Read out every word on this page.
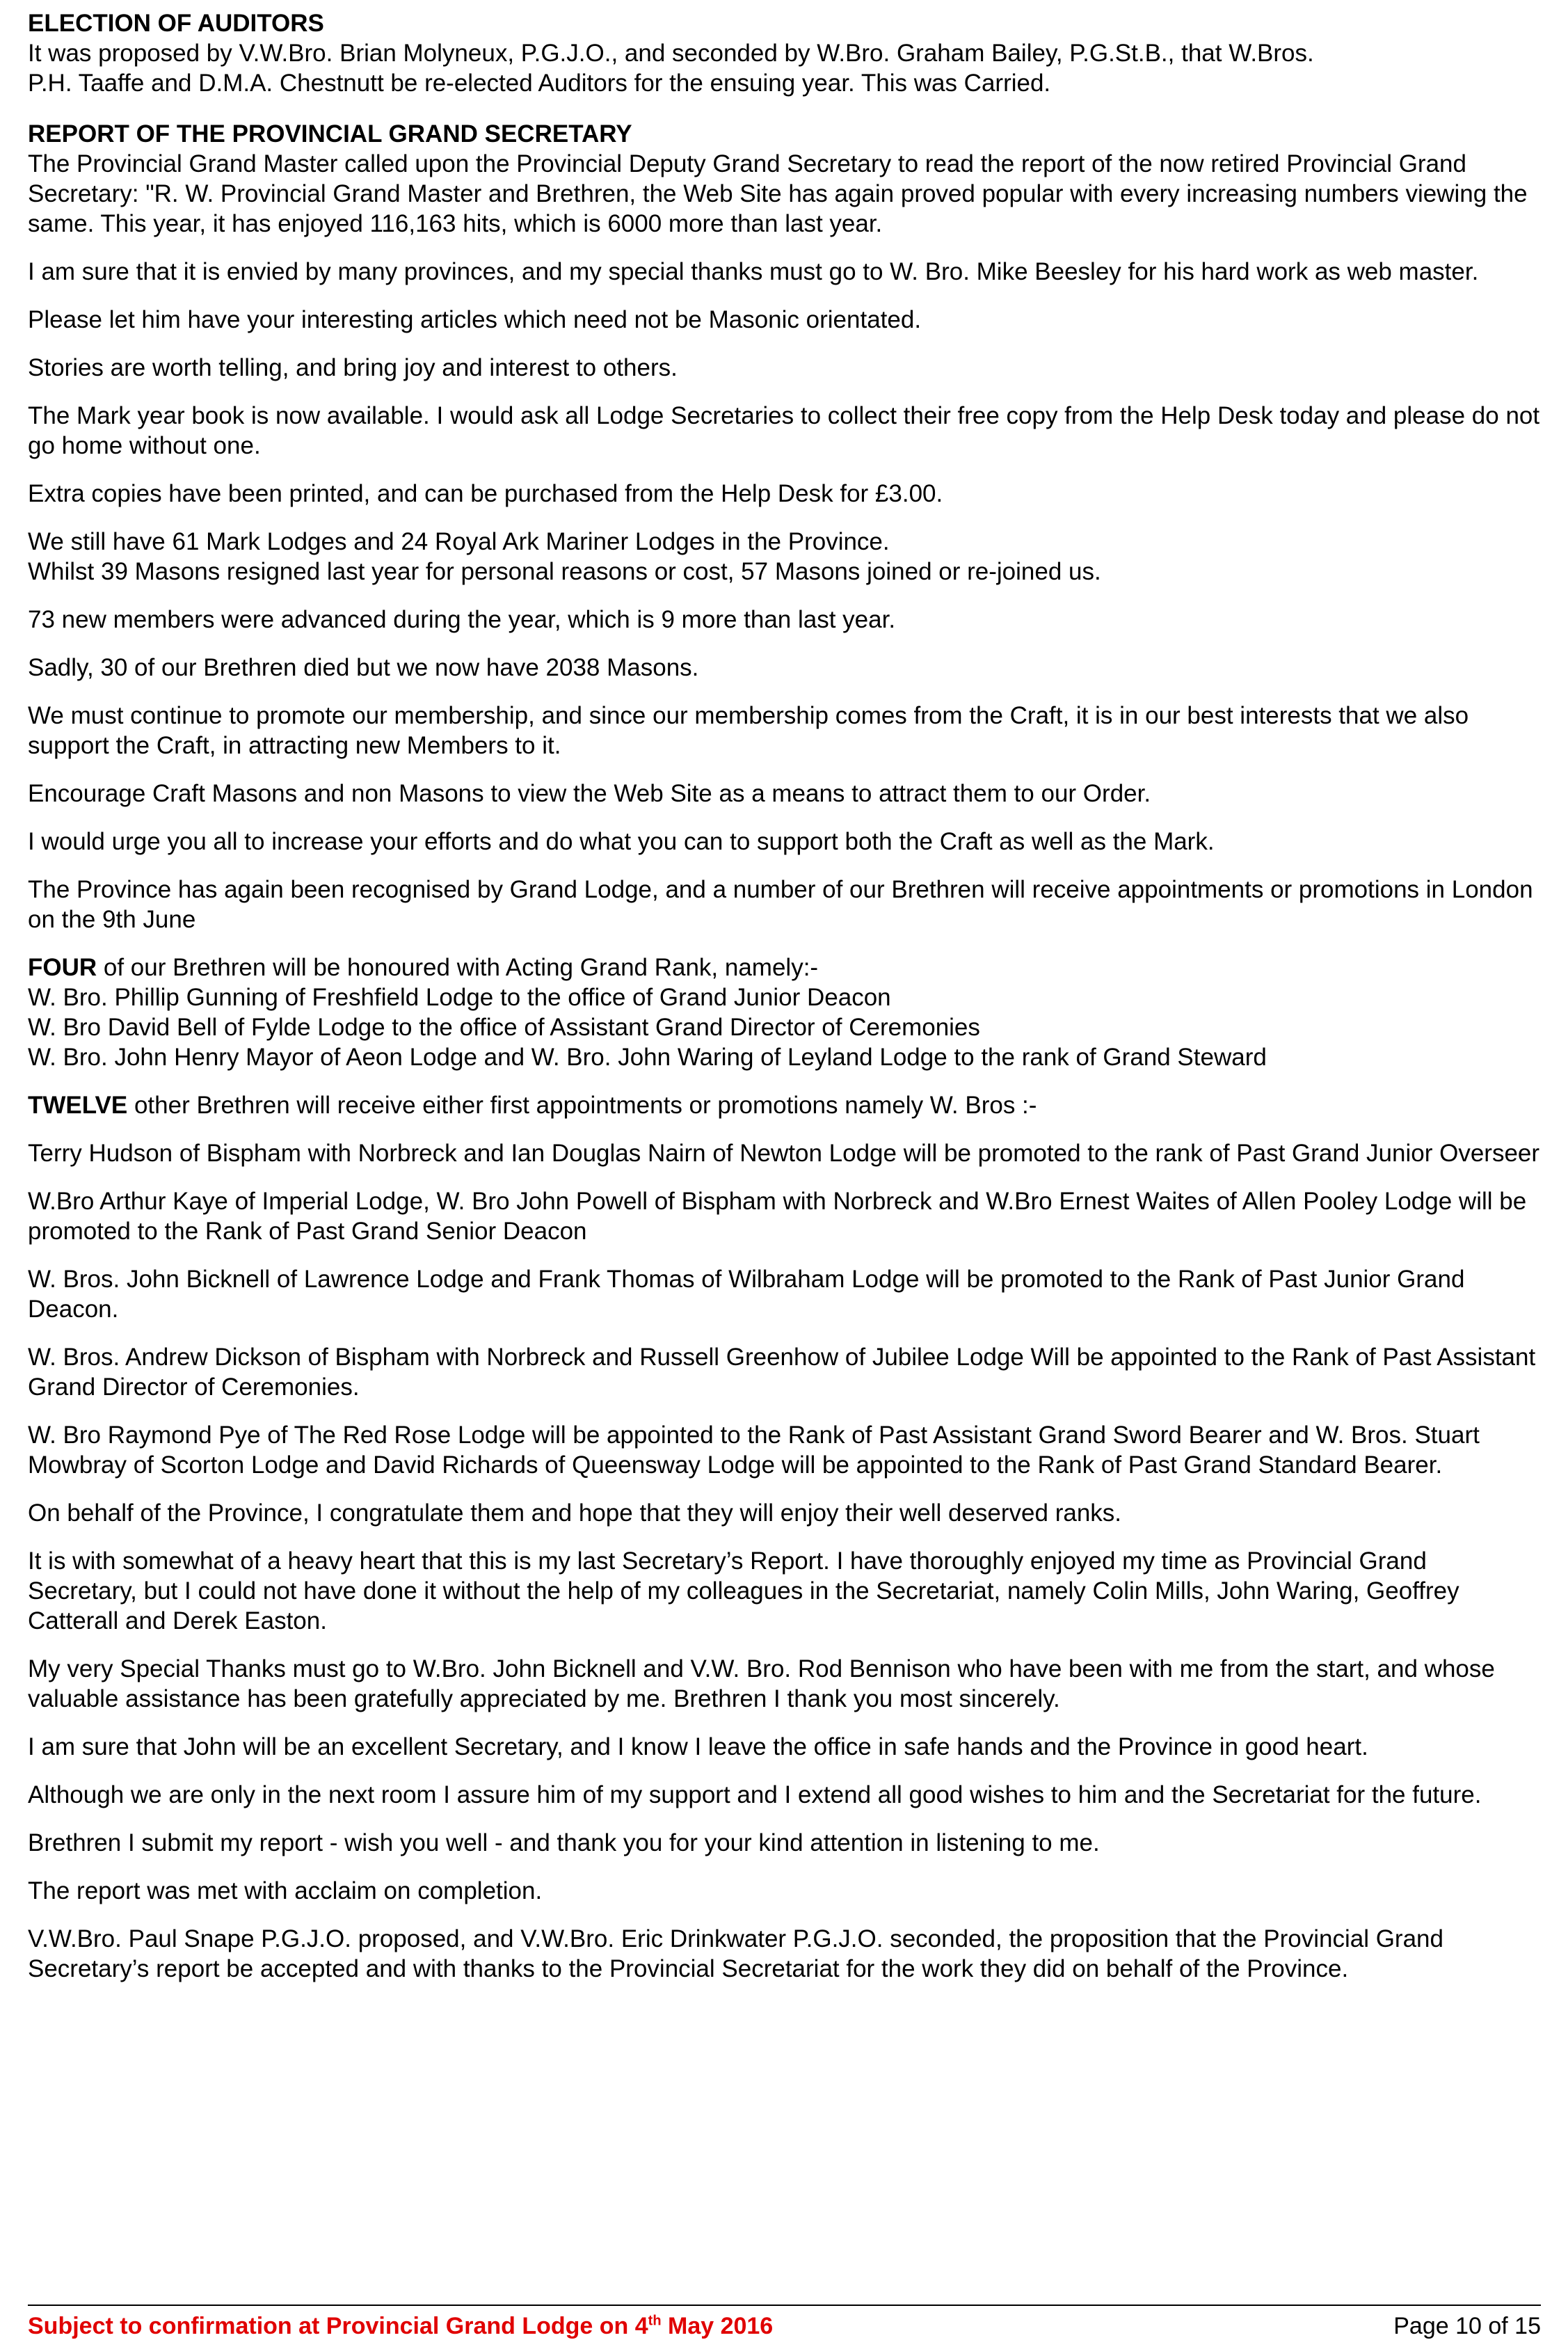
ELECTION OF AUDITORS

It was proposed by V.W.Bro. Brian Molyneux, P.G.J.O., and seconded by W.Bro. Graham Bailey, P.G.St.B., that W.Bros.
P.H. Taaffe and D.M.A. Chestnutt be re-elected Auditors for the ensuing year. This was Carried.

REPORT OF THE PROVINCIAL GRAND SECRETARY

The Provincial Grand Master called upon the Provincial Deputy Grand Secretary to read the report of the now retired Provincial Grand Secretary: "R. W. Provincial Grand Master and Brethren, the Web Site has again proved popular with every increasing numbers viewing the same. This year, it has enjoyed 116,163 hits, which is 6000 more than last year.

I am sure that it is envied by many provinces, and my special thanks must go to W. Bro. Mike Beesley for his hard work as web master.

Please let him have your interesting articles which need not be Masonic orientated.

Stories are worth telling, and bring joy and interest to others.

The Mark year book is now available. I would ask all Lodge Secretaries to collect their free copy from the Help Desk today and please do not go home without one.

Extra copies have been printed, and can be purchased from the Help Desk for £3.00.

We still have 61 Mark Lodges and 24 Royal Ark Mariner Lodges in the Province.
Whilst 39 Masons resigned last year for personal reasons or cost, 57 Masons joined or re-joined us.

73 new members were advanced during the year, which is 9 more than last year.

Sadly, 30 of our Brethren died but we now have 2038 Masons.

We must continue to promote our membership, and since our membership comes from the Craft, it is in our best interests that we also support the Craft, in attracting new Members to it.

Encourage Craft Masons and non Masons to view the Web Site as a means to attract them to our Order.

I would urge you all to increase your efforts and do what you can to support both the Craft as well as the Mark.

The Province has again been recognised by Grand Lodge, and a number of our Brethren will receive appointments or promotions in London on the 9th June

FOUR of our Brethren will be honoured with Acting Grand Rank, namely:-
W. Bro. Phillip Gunning of Freshfield Lodge to the office of Grand Junior Deacon
W. Bro David Bell of Fylde Lodge to the office of Assistant Grand Director of Ceremonies
W. Bro. John Henry Mayor of Aeon Lodge and W. Bro. John Waring of Leyland Lodge to the rank of Grand Steward

TWELVE other Brethren will receive either first appointments or promotions namely W. Bros :-

Terry Hudson of Bispham with Norbreck and Ian Douglas Nairn of Newton Lodge will be promoted to the rank of Past Grand Junior Overseer

W.Bro Arthur Kaye of Imperial Lodge, W. Bro John Powell of Bispham with Norbreck and W.Bro Ernest Waites of Allen Pooley Lodge will be promoted to the Rank of Past Grand Senior Deacon

W. Bros. John Bicknell of Lawrence Lodge and Frank Thomas of Wilbraham Lodge will be promoted to the Rank of Past Junior Grand Deacon.

W. Bros. Andrew Dickson of Bispham with Norbreck and Russell Greenhow of Jubilee Lodge Will be appointed to the Rank of Past Assistant Grand Director of Ceremonies.

W. Bro Raymond Pye of The Red Rose Lodge will be appointed to the Rank of Past Assistant Grand Sword Bearer and W. Bros. Stuart Mowbray of Scorton Lodge and David Richards of Queensway Lodge will be appointed to the Rank of Past Grand Standard Bearer.

On behalf of the Province, I congratulate them and hope that they will enjoy their well deserved ranks.

It is with somewhat of a heavy heart that this is my last Secretary’s Report. I have thoroughly enjoyed my time as Provincial Grand Secretary, but I could not have done it without the help of my colleagues in the Secretariat, namely Colin Mills, John Waring, Geoffrey Catterall and Derek Easton.

My very Special Thanks must go to W.Bro. John Bicknell and V.W. Bro. Rod Bennison who have been with me from the start, and whose valuable assistance has been gratefully appreciated by me. Brethren I thank you most sincerely.

I am sure that John will be an excellent Secretary, and I know I leave the office in safe hands and the Province in good heart.

Although we are only in the next room I assure him of my support and I extend all good wishes to him and the Secretariat for the future.

Brethren I submit my report - wish you well - and thank you for your kind attention in listening to me.

The report was met with acclaim on completion.

V.W.Bro. Paul Snape P.G.J.O. proposed, and V.W.Bro. Eric Drinkwater P.G.J.O. seconded, the proposition that the Provincial Grand Secretary’s report be accepted and with thanks to the Provincial Secretariat for the work they did on behalf of the Province.

Subject to confirmation at Provincial Grand Lodge on 4th May 2016	Page 10 of 15
